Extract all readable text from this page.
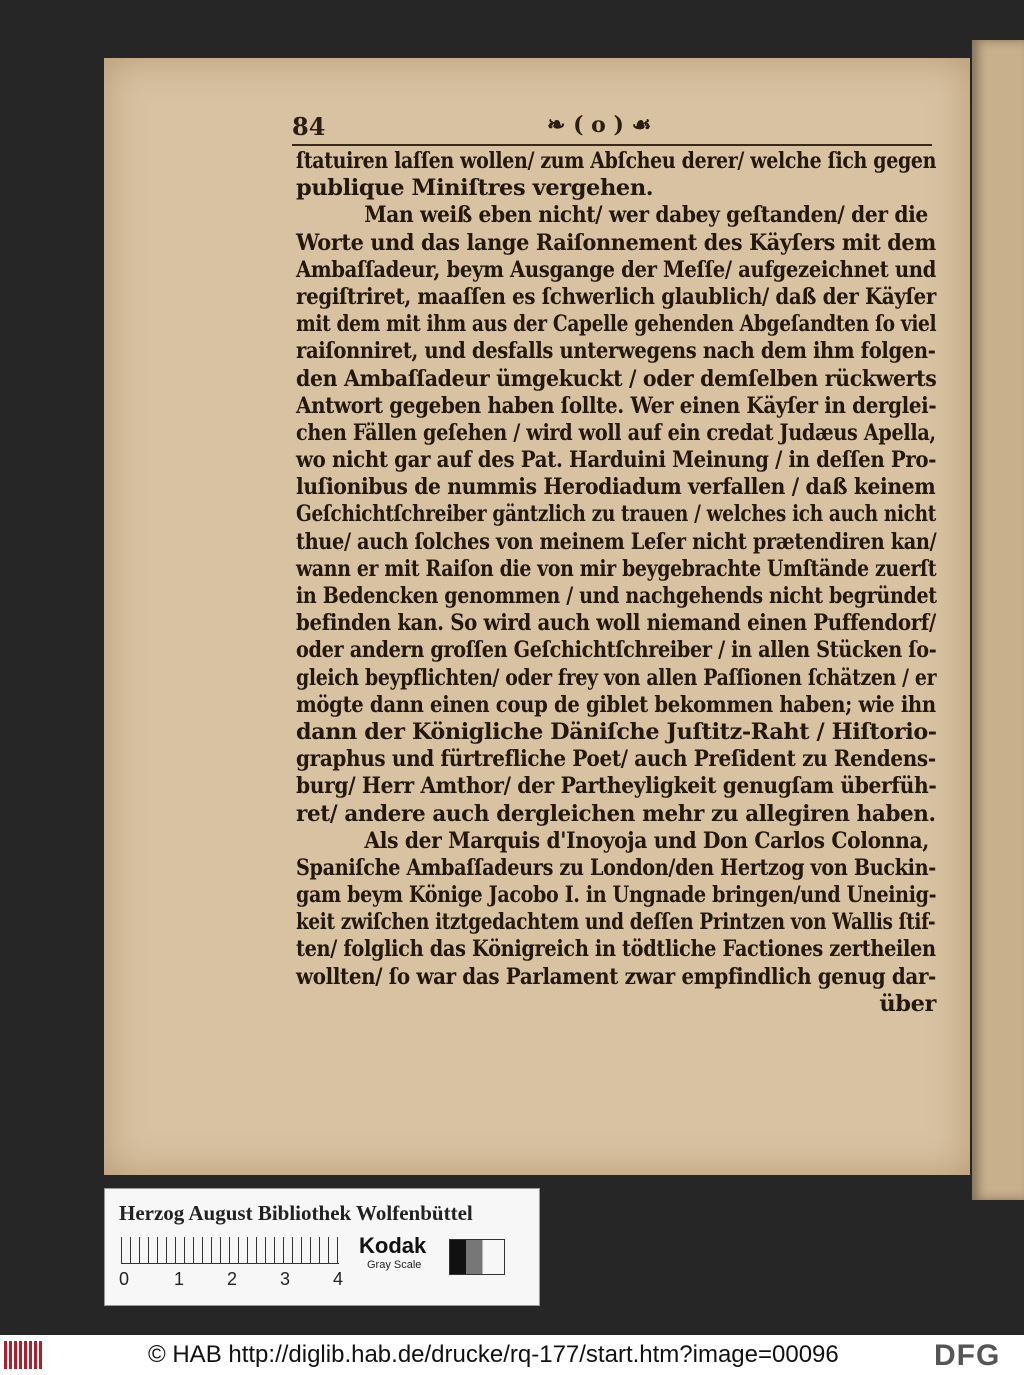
84	❧ ( o ) ☙
ſtatuiren laſſen wollen/ zum Abſcheu derer/ welche ſich gegen
publique Miniſtres vergehen.
Man weiß eben nicht/ wer dabey geſtanden/ der die
Worte und das lange Raiſonnement des Käyſers mit dem
Ambaſſadeur, beym Ausgange der Meſſe/ aufgezeichnet und
regiſtriret, maaſſen es ſchwerlich glaublich/ daß der Käyſer
mit dem mit ihm aus der Capelle gehenden Abgeſandten ſo viel
raiſonniret, und desfalls unterwegens nach dem ihm folgen-
den Ambaſſadeur ümgekuckt / oder demſelben rückwerts
Antwort gegeben haben ſollte. Wer einen Käyſer in derglei-
chen Fällen geſehen / wird woll auf ein credat Judæus Apella,
wo nicht gar auf des Pat. Harduini Meinung / in deſſen Pro-
luſionibus de nummis Herodiadum verfallen / daß keinem
Geſchichtſchreiber gäntzlich zu trauen / welches ich auch nicht
thue/ auch ſolches von meinem Leſer nicht prætendiren kan/
wann er mit Raiſon die von mir beygebrachte Umſtände zuerſt
in Bedencken genommen / und nachgehends nicht begründet
befinden kan. So wird auch woll niemand einen Puffendorf/
oder andern groſſen Geſchichtſchreiber / in allen Stücken ſo-
gleich beypflichten/ oder frey von allen Paſſionen ſchätzen / er
mögte dann einen coup de giblet bekommen haben; wie ihn
dann der Königliche Däniſche Juſtitz-Raht / Hiſtorio-
graphus und fürtrefliche Poet/ auch Preſident zu Rendens-
burg/ Herr Amthor/ der Partheyligkeit genugſam überfüh-
ret/ andere auch dergleichen mehr zu allegiren haben.
Als der Marquis d'Inoyoja und Don Carlos Colonna,
Spaniſche Ambaſſadeurs zu London/den Hertzog von Buckin-
gam beym Könige Jacobo I. in Ungnade bringen/und Uneinig-
keit zwiſchen itztgedachtem und deſſen Printzen von Wallis ſtif-
ten/ folglich das Königreich in tödtliche Factiones zertheilen
wollten/ ſo war das Parlament zwar empfindlich genug dar-
über
Herzog August Bibliothek Wolfenbüttel
0 1 2 3 4
Kodak
Gray Scale
© HAB http://diglib.hab.de/drucke/rq-177/start.htm?image=00096	DFG
